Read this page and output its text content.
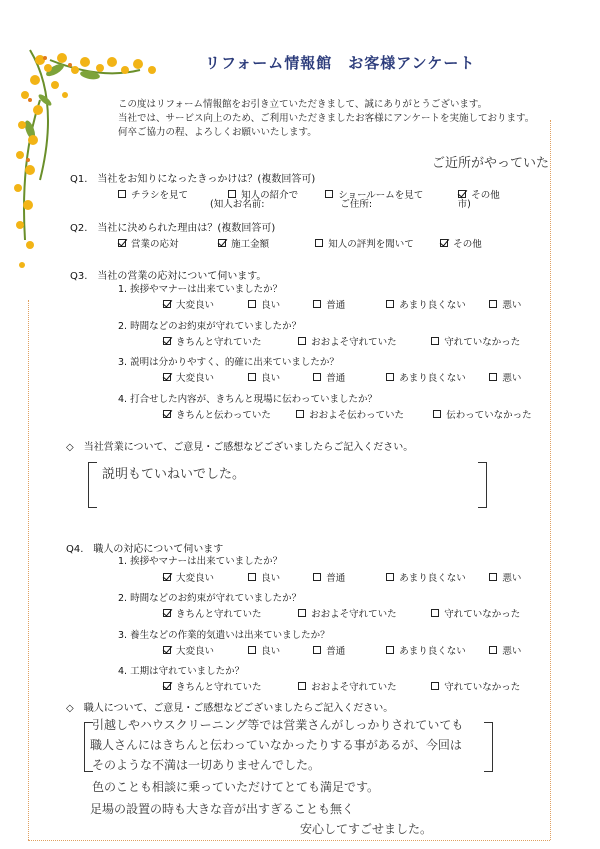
リフォーム情報館　お客様アンケート
この度はリフォーム情報館をお引き立ていただきまして、誠にありがとうございます。
当社では、サービス向上のため、ご利用いただきましたお客様にアンケートを実施しております。
何卒ご協力の程、よろしくお願いいたします。
Q1.　当社をお知りになったきっかけは？(複数回答可)
ご近所がやっていた
チラシを見て
	知人の紹介で
	ショールームを見て
	その他
(知人お名前:　　　　　　　　ご住所:　　　　　　　　　市)
Q2.　当社に決められた理由は？(複数回答可)
営業の応対
	施工金額
	知人の評判を聞いて
	その他
Q3.　当社の営業の応対について伺います。
1. 挨拶やマナーは出来ていましたか？
大変良い
	良い
	普通
	あまり良くない
	悪い
2. 時間などのお約束が守れていましたか？
きちんと守れていた
	おおよそ守れていた
	守れていなかった
3. 説明は分かりやすく、的確に出来ていましたか？
大変良い
	良い
	普通
	あまり良くない
	悪い
4. 打合せした内容が、きちんと現場に伝わっていましたか？
きちんと伝わっていた
	おおよそ伝わっていた
	伝わっていなかった
◇　当社営業について、ご意見・ご感想などございましたらご記入ください。
説明もていねいでした。
Q4.　職人の対応について伺います
1. 挨拶やマナーは出来ていましたか？
大変良い
	良い
	普通
	あまり良くない
	悪い
2. 時間などのお約束が守れていましたか？
きちんと守れていた
	おおよそ守れていた
	守れていなかった
3. 養生などの作業的気遣いは出来ていましたか？
大変良い
	良い
	普通
	あまり良くない
	悪い
4. 工期は守れていましたか？
きちんと守れていた
	おおよそ守れていた
	守れていなかった
◇　職人について、ご意見・ご感想などございましたらご記入ください。
引越しやハウスクリーニング等では営業さんがしっかりされていても
職人さんにはきちんと伝わっていなかったりする事があるが、今回は
そのような不満は一切ありませんでした。
色のことも相談に乗っていただけてとても満足です。
足場の設置の時も大きな音が出すぎることも無く
安心してすごせました。
